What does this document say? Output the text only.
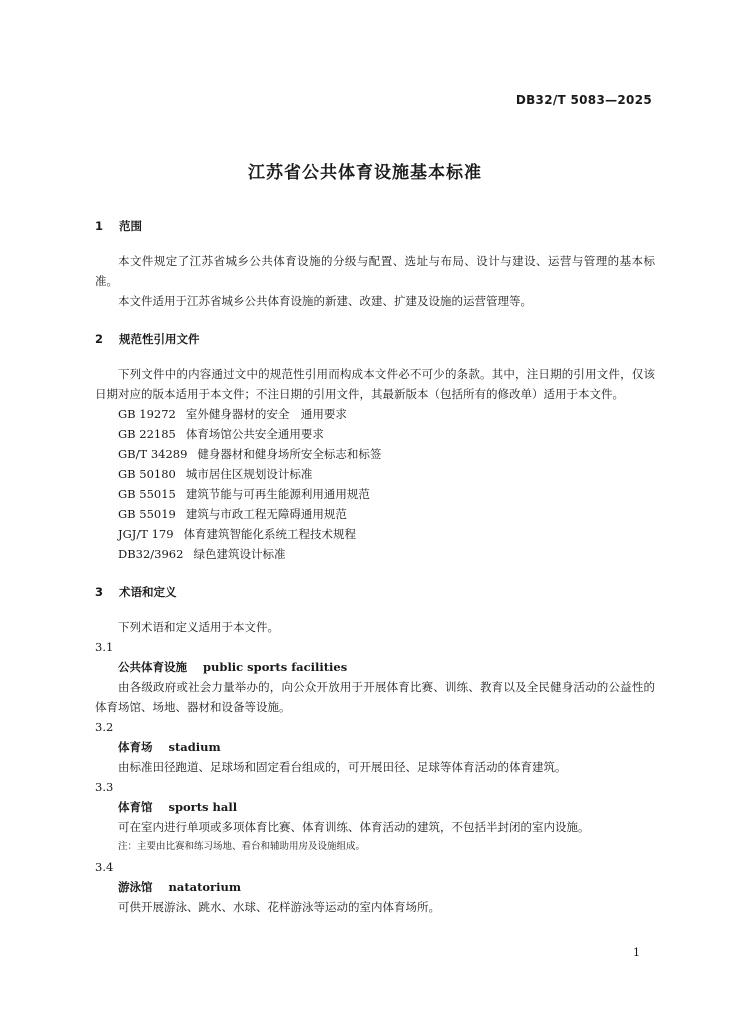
DB32/T 5083—2025
江苏省公共体育设施基本标准
1 范围

本文件规定了江苏省城乡公共体育设施的分级与配置、选址与布局、设计与建设、运营与管理的基本标准。

本文件适用于江苏省城乡公共体育设施的新建、改建、扩建及设施的运营管理等。

2 规范性引用文件

下列文件中的内容通过文中的规范性引用而构成本文件必不可少的条款。其中，注日期的引用文件，仅该日期对应的版本适用于本文件；不注日期的引用文件，其最新版本（包括所有的修改单）适用于本文件。

GB 19272 室外健身器材的安全　通用要求
GB 22185 体育场馆公共安全通用要求
GB/T 34289 健身器材和健身场所安全标志和标签
GB 50180 城市居住区规划设计标准
GB 55015 建筑节能与可再生能源利用通用规范
GB 55019 建筑与市政工程无障碍通用规范
JGJ/T 179 体育建筑智能化系统工程技术规程
DB32/3962 绿色建筑设计标准
3 术语和定义

下列术语和定义适用于本文件。

3.1

公共体育设施 public sports facilities

由各级政府或社会力量举办的，向公众开放用于开展体育比赛、训练、教育以及全民健身活动的公益性的体育场馆、场地、器材和设备等设施。

3.2

体育场 stadium

由标准田径跑道、足球场和固定看台组成的，可开展田径、足球等体育活动的体育建筑。

3.3

体育馆 sports hall

可在室内进行单项或多项体育比赛、体育训练、体育活动的建筑，不包括半封闭的室内设施。

注：主要由比赛和练习场地、看台和辅助用房及设施组成。

3.4

游泳馆 natatorium

可供开展游泳、跳水、水球、花样游泳等运动的室内体育场所。

1
